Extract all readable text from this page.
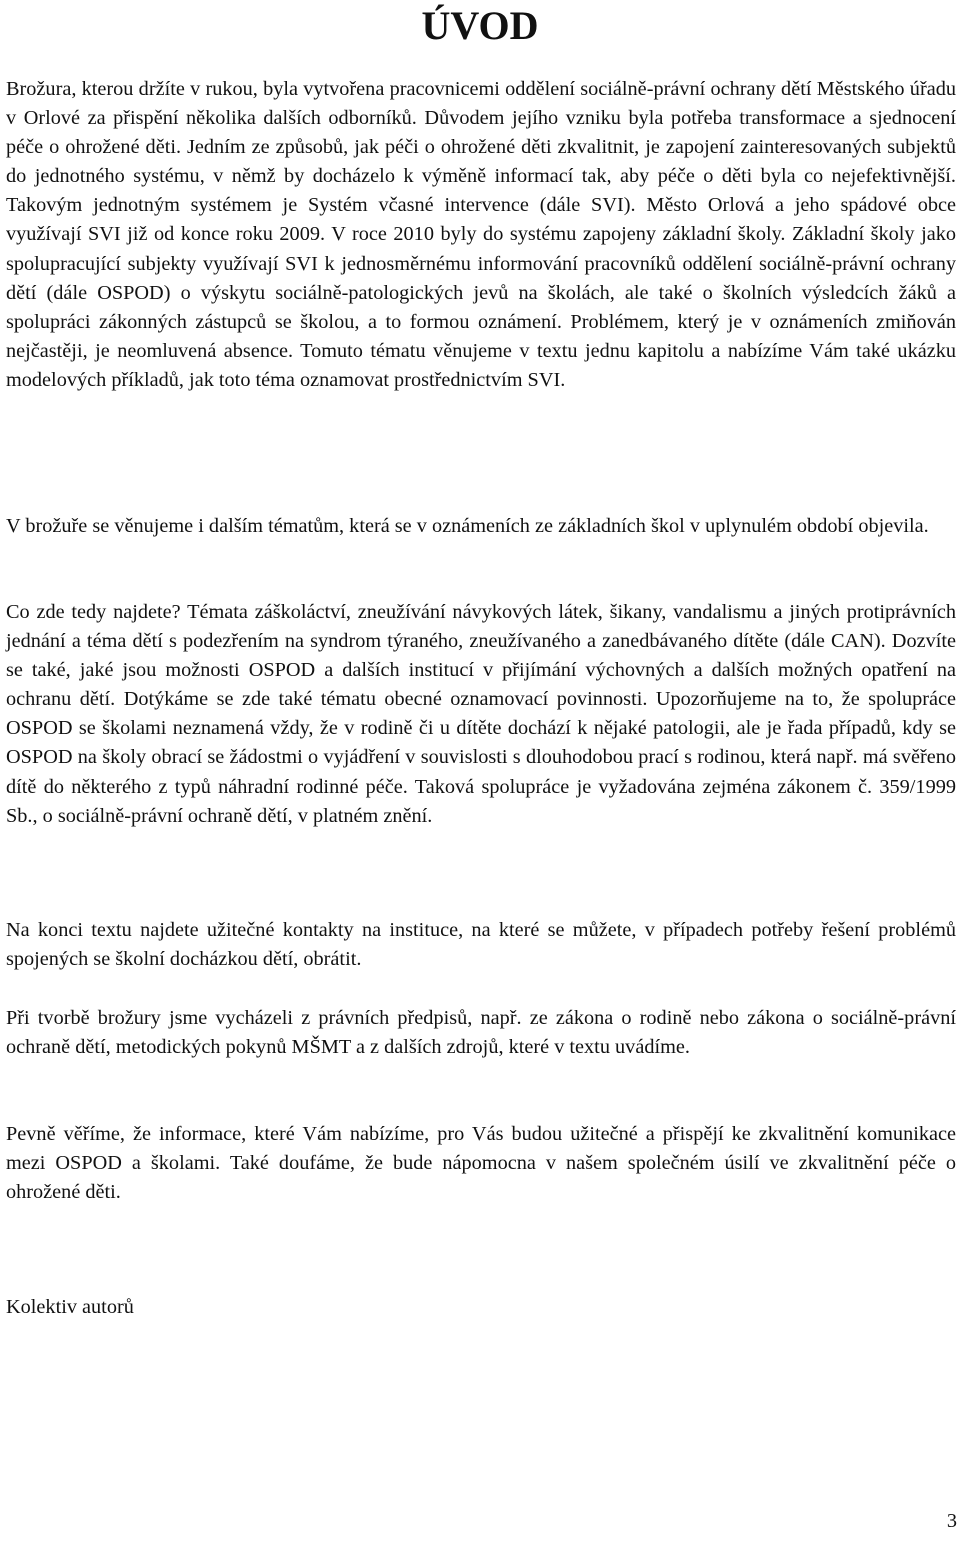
ÚVOD

Brožura, kterou držíte v rukou, byla vytvořena pracovnicemi oddělení sociálně-právní ochrany dětí Městského úřadu v Orlové za přispění několika dalších odborníků. Důvodem jejího vzniku byla potřeba transformace a sjednocení péče o ohrožené děti. Jedním ze způsobů, jak péči o ohrožené děti zkvalitnit, je zapojení zainteresovaných subjektů do jednotného systému, v němž by docházelo k výměně informací tak, aby péče o děti byla co nejefektivnější. Takovým jednotným systémem je Systém včasné intervence (dále SVI). Město Orlová a jeho spádové obce využívají SVI již od konce roku 2009. V roce 2010 byly do systému zapojeny základní školy. Základní školy jako spolupracující subjekty využívají SVI k jednosměrnému informování pracovníků oddělení sociálně-právní ochrany dětí (dále OSPOD) o výskytu sociálně-patologických jevů na školách, ale také o školních výsledcích žáků a spolupráci zákonných zástupců se školou, a to formou oznámení. Problémem, který je v oznámeních zmiňován nejčastěji, je neomluvená absence. Tomuto tématu věnujeme v textu jednu kapitolu a nabízíme Vám také ukázku modelových příkladů, jak toto téma oznamovat prostřednictvím SVI.

V brožuře se věnujeme i dalším tématům, která se v oznámeních ze základních škol v uplynulém období objevila.

Co zde tedy najdete? Témata záškoláctví, zneužívání návykových látek, šikany, vandalismu a jiných protiprávních jednání a téma dětí s podezřením na syndrom týraného, zneužívaného a zanedbávaného dítěte (dále CAN). Dozvíte se také, jaké jsou možnosti OSPOD a dalších institucí v přijímání výchovných a dalších možných opatření na ochranu dětí. Dotýkáme se zde také tématu obecné oznamovací povinnosti. Upozorňujeme na to, že spolupráce OSPOD se školami neznamená vždy, že v rodině či u dítěte dochází k nějaké patologii, ale je řada případů, kdy se OSPOD na školy obrací se žádostmi o vyjádření v souvislosti s dlouhodobou prací s rodinou, která např. má svěřeno dítě do některého z typů náhradní rodinné péče. Taková spolupráce je vyžadována zejména zákonem č. 359/1999 Sb., o sociálně-právní ochraně dětí, v platném znění.

Na konci textu najdete užitečné kontakty na instituce, na které se můžete, v případech potřeby řešení problémů spojených se školní docházkou dětí, obrátit.

Při tvorbě brožury jsme vycházeli z právních předpisů, např. ze zákona o rodině nebo zákona o sociálně-právní ochraně dětí, metodických pokynů MŠMT a z dalších zdrojů, které v textu uvádíme.

Pevně věříme, že informace, které Vám nabízíme, pro Vás budou užitečné a přispějí ke zkvalitnění komunikace mezi OSPOD a školami. Také doufáme, že bude nápomocna v našem společném úsilí ve zkvalitnění péče o ohrožené děti.

Kolektiv autorů

3
